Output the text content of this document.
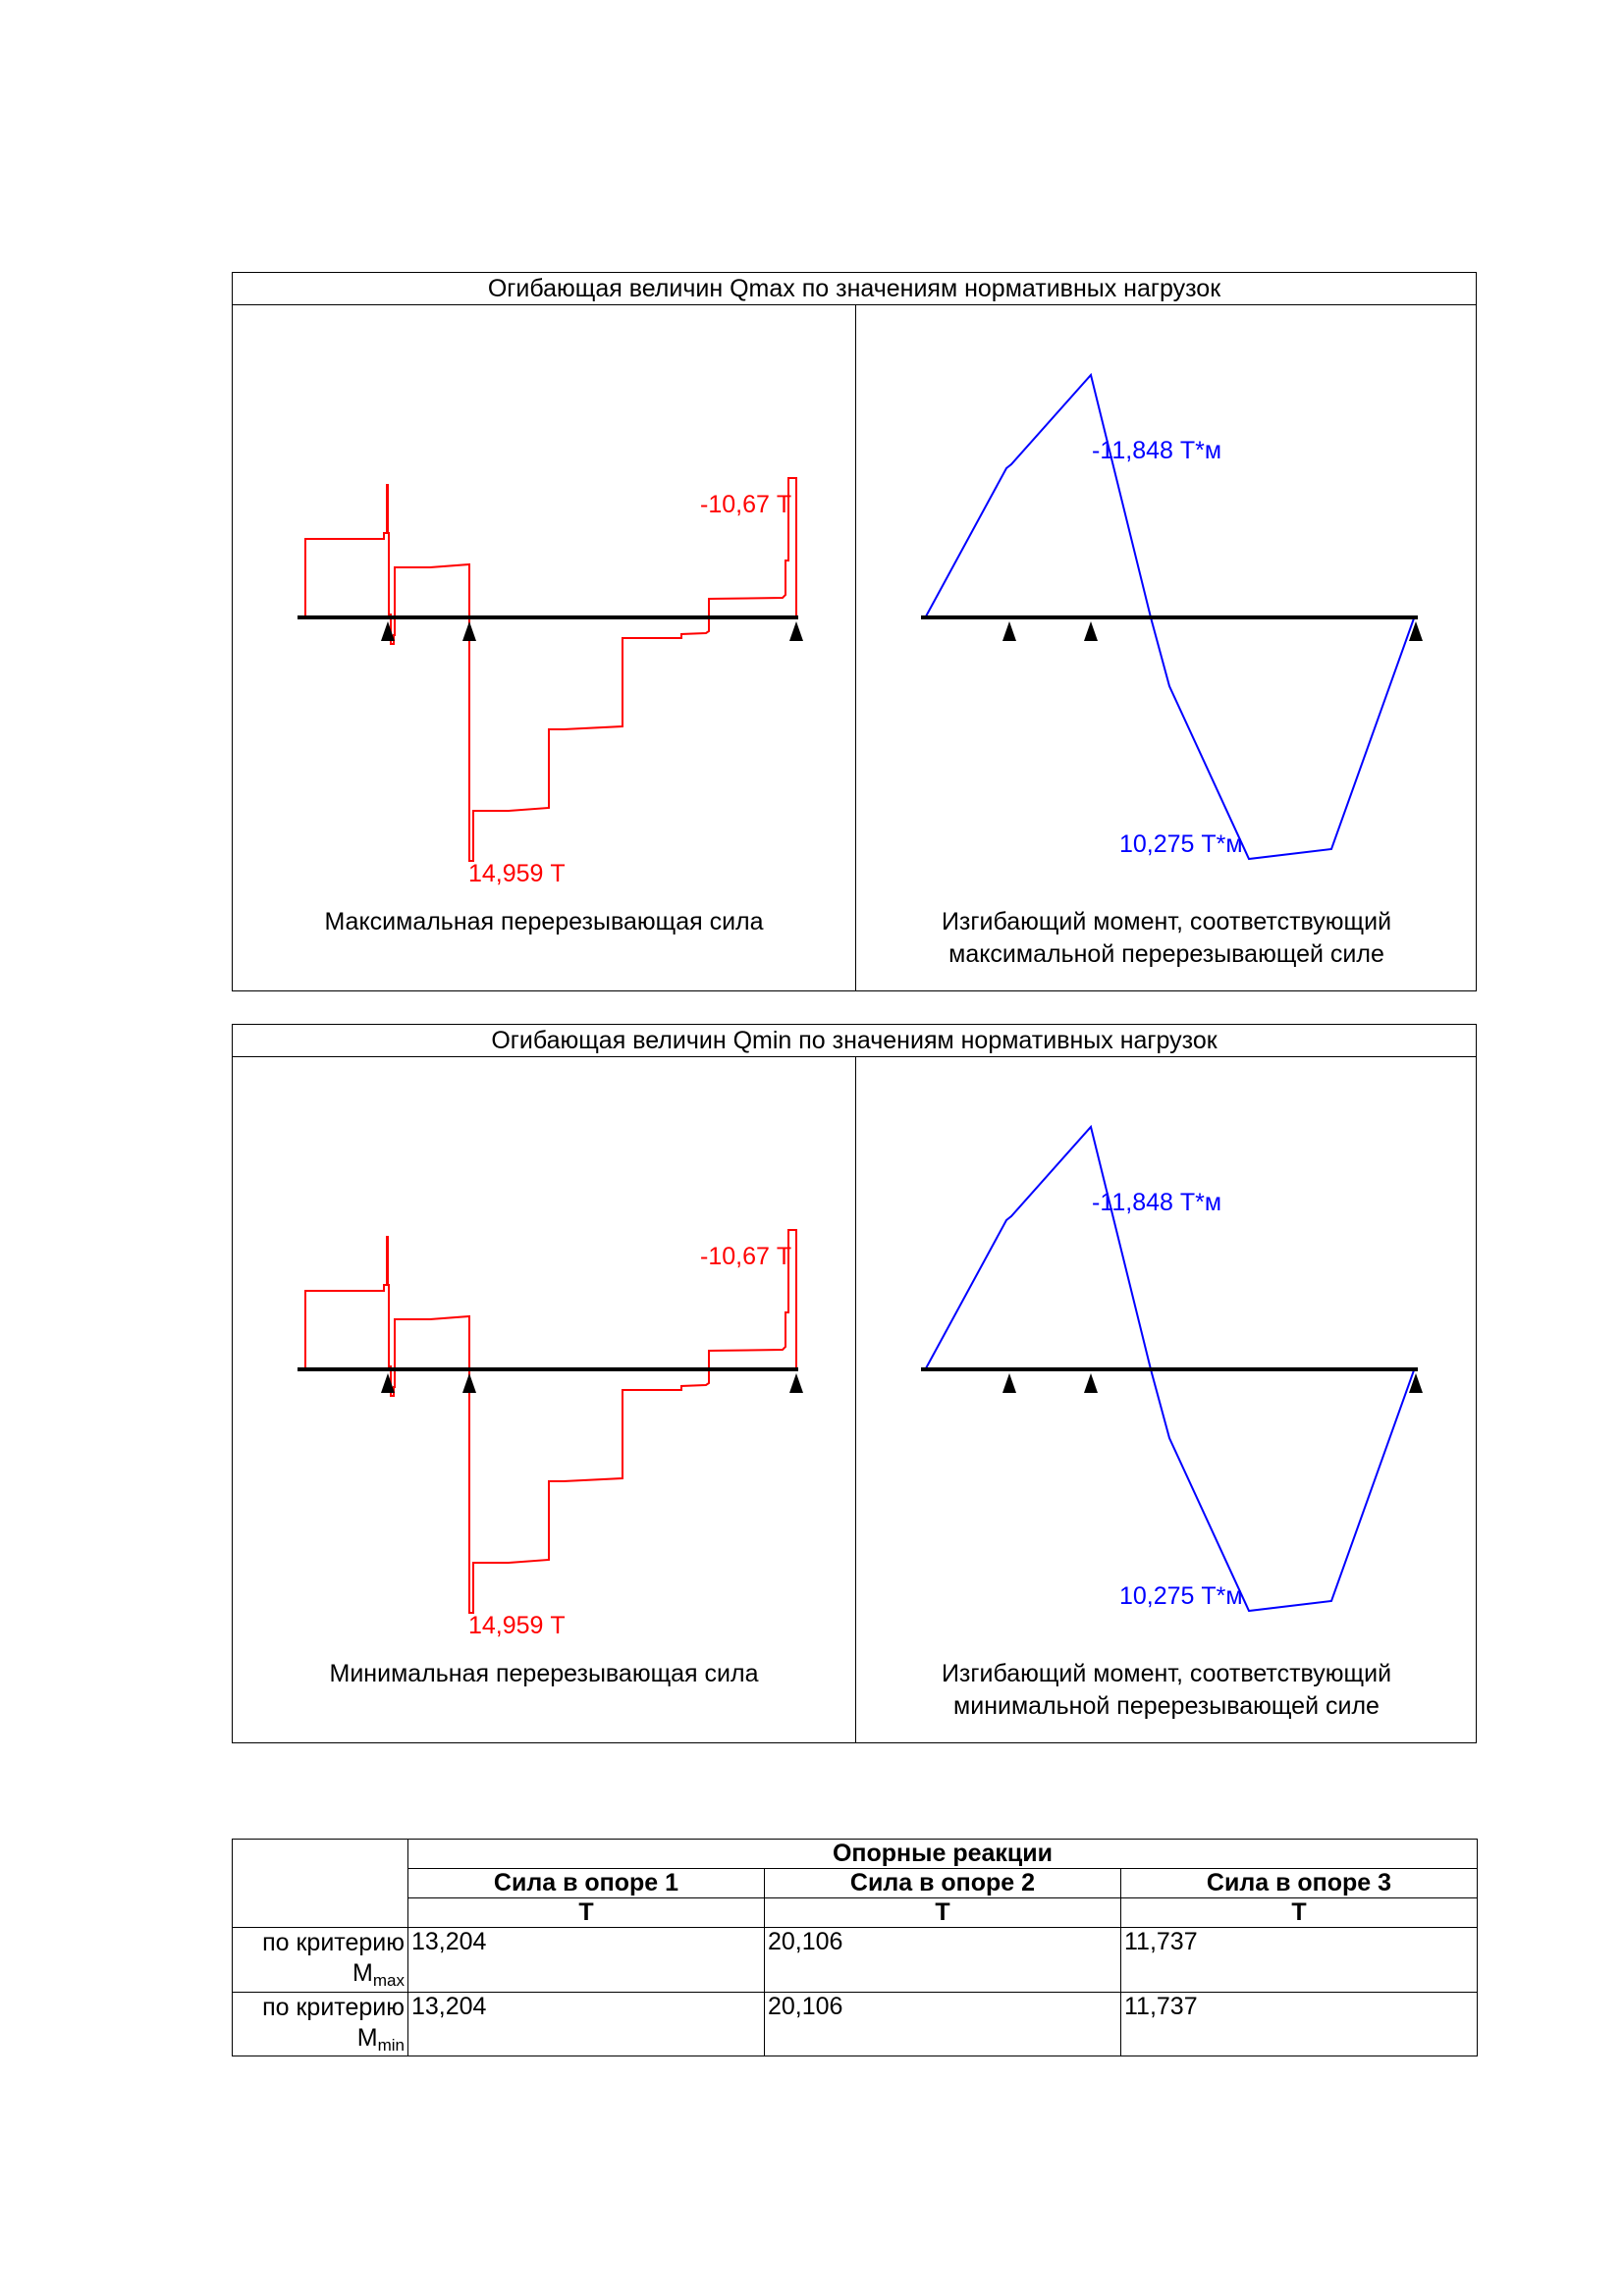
Огибающая величин Qmax по значениям нормативных нагрузок
-10,67 Т
14,959 Т
Максимальная перерезывающая сила
-11,848 Т*м
10,275 Т*м
Изгибающий момент, соответствующий
максимальной перерезывающей силе
Огибающая величин Qmin по значениям нормативных нагрузок
-10,67 Т
14,959 Т
Минимальная перерезывающая сила
-11,848 Т*м
10,275 Т*м
Изгибающий момент, соответствующий
минимальной перерезывающей силе
	Опорные реакции		
	Сила в опоре 1	Сила в опоре 2	Сила в опоре 3
	Т	Т	Т

по критерию
$M_{max}$	13,204	20,106	11,737

по критерию
$M_{min}$	13,204	20,106	11,737
